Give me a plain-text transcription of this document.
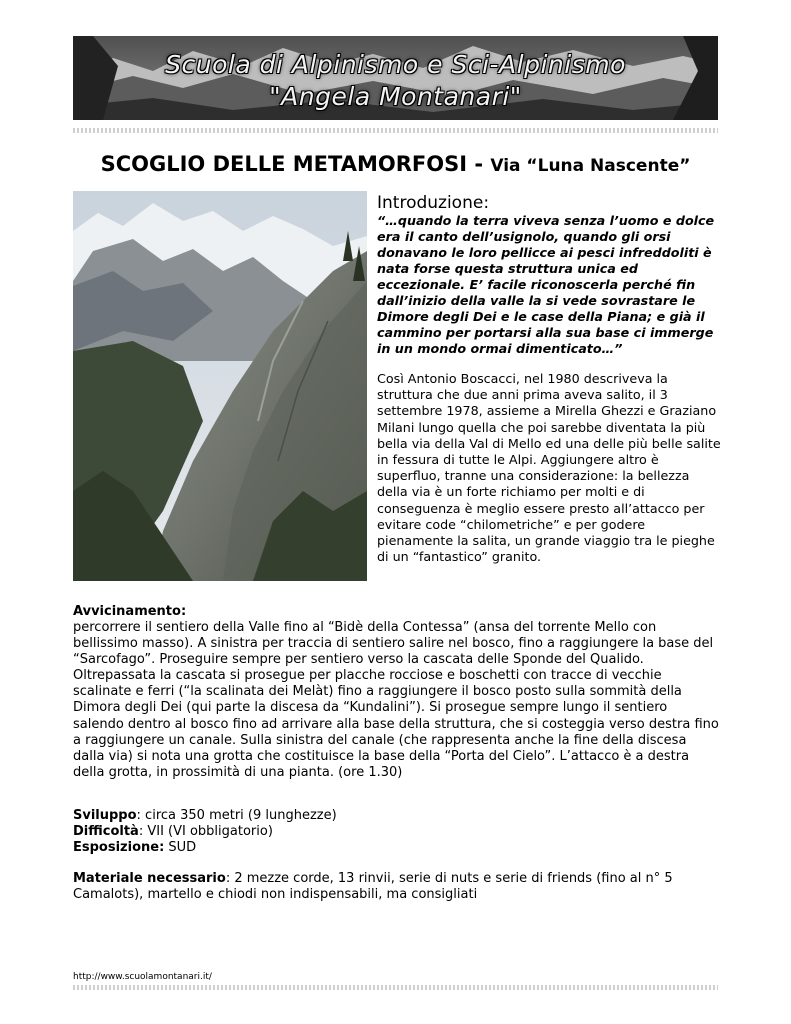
Scuola di Alpinismo e Sci-Alpinismo
"Angela Montanari"
SCOGLIO DELLE METAMORFOSI - Via “Luna Nascente”
Introduzione:
“…quando la terra viveva senza l’uomo e dolce era il canto dell’usignolo, quando gli orsi donavano le loro pellicce ai pesci infreddoliti è nata forse questa struttura unica ed eccezionale. E’ facile riconoscerla perché fin dall’inizio della valle la si vede sovrastare le Dimore degli Dei e le case della Piana; e già il cammino per portarsi alla sua base ci immerge in un mondo ormai dimenticato…”
Così Antonio Boscacci, nel 1980 descriveva la struttura che due anni prima aveva salito, il 3 settembre 1978, assieme a Mirella Ghezzi e Graziano Milani lungo quella che poi sarebbe diventata la più bella via della Val di Mello ed una delle più belle salite in fessura di tutte le Alpi. Aggiungere altro è superfluo, tranne una considerazione: la bellezza della via è un forte richiamo per molti e di conseguenza è meglio essere presto all’attacco per evitare code “chilometriche” e per godere pienamente la salita, un grande viaggio tra le pieghe di un “fantastico” granito.
Avvicinamento:
percorrere il sentiero della Valle fino al “Bidè della Contessa” (ansa del torrente Mello con bellissimo masso). A sinistra per traccia di sentiero salire nel bosco, fino a raggiungere la base del “Sarcofago”. Proseguire sempre per sentiero verso la cascata delle Sponde del Qualido. Oltrepassata la cascata si prosegue per placche rocciose e boschetti con tracce di vecchie scalinate e ferri (“la scalinata dei Melàt) fino a raggiungere il bosco posto sulla sommità della Dimora degli Dei (qui parte la discesa da “Kundalini”). Si prosegue sempre lungo il sentiero salendo dentro al bosco fino ad arrivare alla base della struttura, che si costeggia verso destra fino a raggiungere un canale. Sulla sinistra del canale (che rappresenta anche la fine della discesa dalla via) si nota una grotta che costituisce la base della “Porta del Cielo”. L’attacco è a destra della grotta, in prossimità di una pianta. (ore 1.30)
Sviluppo: circa 350 metri (9 lunghezze)
Difficoltà: VII (VI obbligatorio)
Esposizione: SUD
Materiale necessario: 2 mezze corde, 13 rinvii, serie di nuts e serie di friends (fino al n° 5 Camalots), martello e chiodi non indispensabili, ma consigliati
http://www.scuolamontanari.it/
